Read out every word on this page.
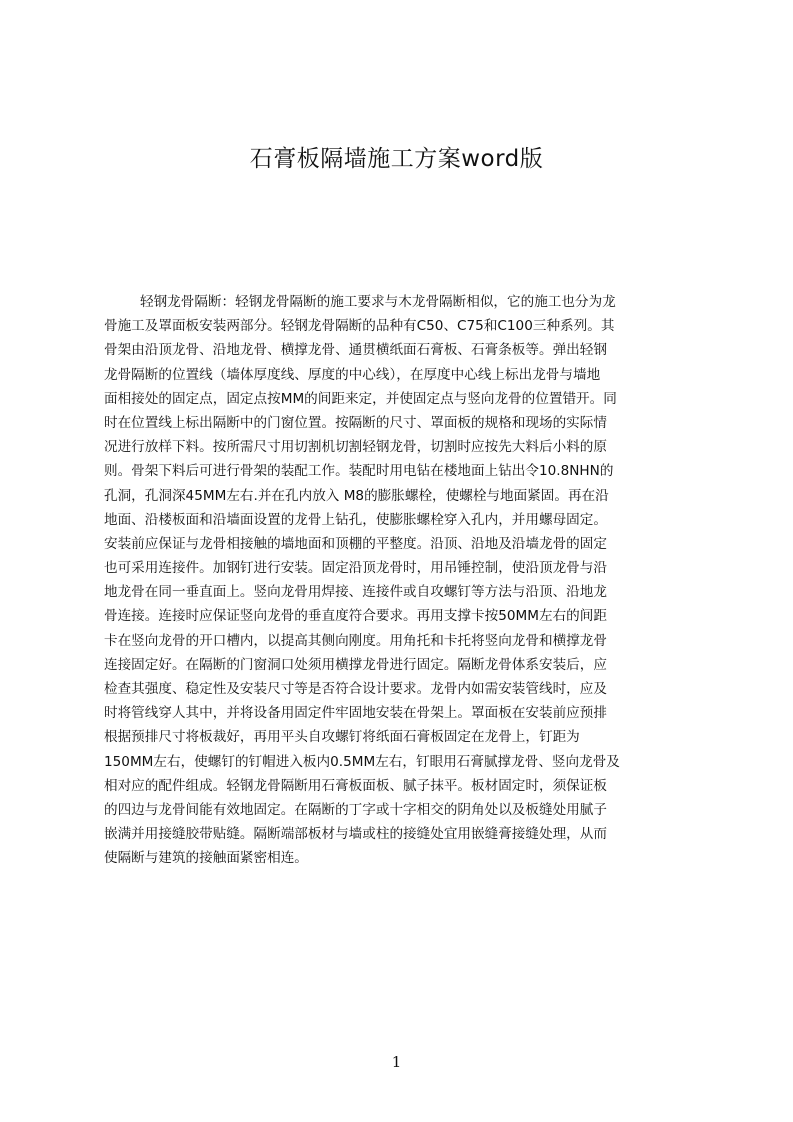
石膏板隔墙施工方案word版
轻钢龙骨隔断：轻钢龙骨隔断的施工要求与木龙骨隔断相似，它的施工也分为龙
骨施工及罩面板安装两部分。轻钢龙骨隔断的品种有C50、C75和C100三种系列。其
骨架由沿顶龙骨、沿地龙骨、横撑龙骨、通贯横纸面石膏板、石膏条板等。弹出轻钢
龙骨隔断的位置线（墙体厚度线、厚度的中心线），在厚度中心线上标出龙骨与墙地
面相接处的固定点，固定点按MM的间距来定，并使固定点与竖向龙骨的位置错开。同
时在位置线上标出隔断中的门窗位置。按隔断的尺寸、罩面板的规格和现场的实际情
况进行放样下料。按所需尺寸用切割机切割轻钢龙骨，切割时应按先大料后小料的原
则。骨架下料后可进行骨架的装配工作。装配时用电钻在楼地面上钻出令10.8NHN的
孔洞，孔洞深45MM左右.并在孔内放入 M8的膨胀螺栓，使螺栓与地面紧固。再在沿
地面、沿楼板面和沿墙面设置的龙骨上钻孔，使膨胀螺栓穿入孔内，并用螺母固定。
安装前应保证与龙骨相接触的墙地面和顶棚的平整度。沿顶、沿地及沿墙龙骨的固定
也可采用连接件。加钢钉进行安装。固定沿顶龙骨时，用吊锤控制，使沿顶龙骨与沿
地龙骨在同一垂直面上。竖向龙骨用焊接、连接件或自攻螺钉等方法与沿顶、沿地龙
骨连接。连接时应保证竖向龙骨的垂直度符合要求。再用支撑卡按50MM左右的间距
卡在竖向龙骨的开口槽内，以提高其侧向刚度。用角托和卡托将竖向龙骨和横撑龙骨
连接固定好。在隔断的门窗洞口处须用横撑龙骨进行固定。隔断龙骨体系安装后，应
检查其强度、稳定性及安装尺寸等是否符合设计要求。龙骨内如需安装管线时，应及
时将管线穿人其中，并将设备用固定件牢固地安装在骨架上。罩面板在安装前应预排
根据预排尺寸将板裁好，再用平头自攻螺钉将纸面石膏板固定在龙骨上，钉距为
150MM左右，使螺钉的钉帽进入板内0.5MM左右，钉眼用石膏腻撑龙骨、竖向龙骨及
相对应的配件组成。轻钢龙骨隔断用石膏板面板、腻子抹平。板材固定时，须保证板
的四边与龙骨间能有效地固定。在隔断的丁字或十字相交的阴角处以及板缝处用腻子
嵌满并用接缝胶带贴缝。隔断端部板材与墙或柱的接缝处宜用嵌缝膏接缝处理，从而
使隔断与建筑的接触面紧密相连。
1
